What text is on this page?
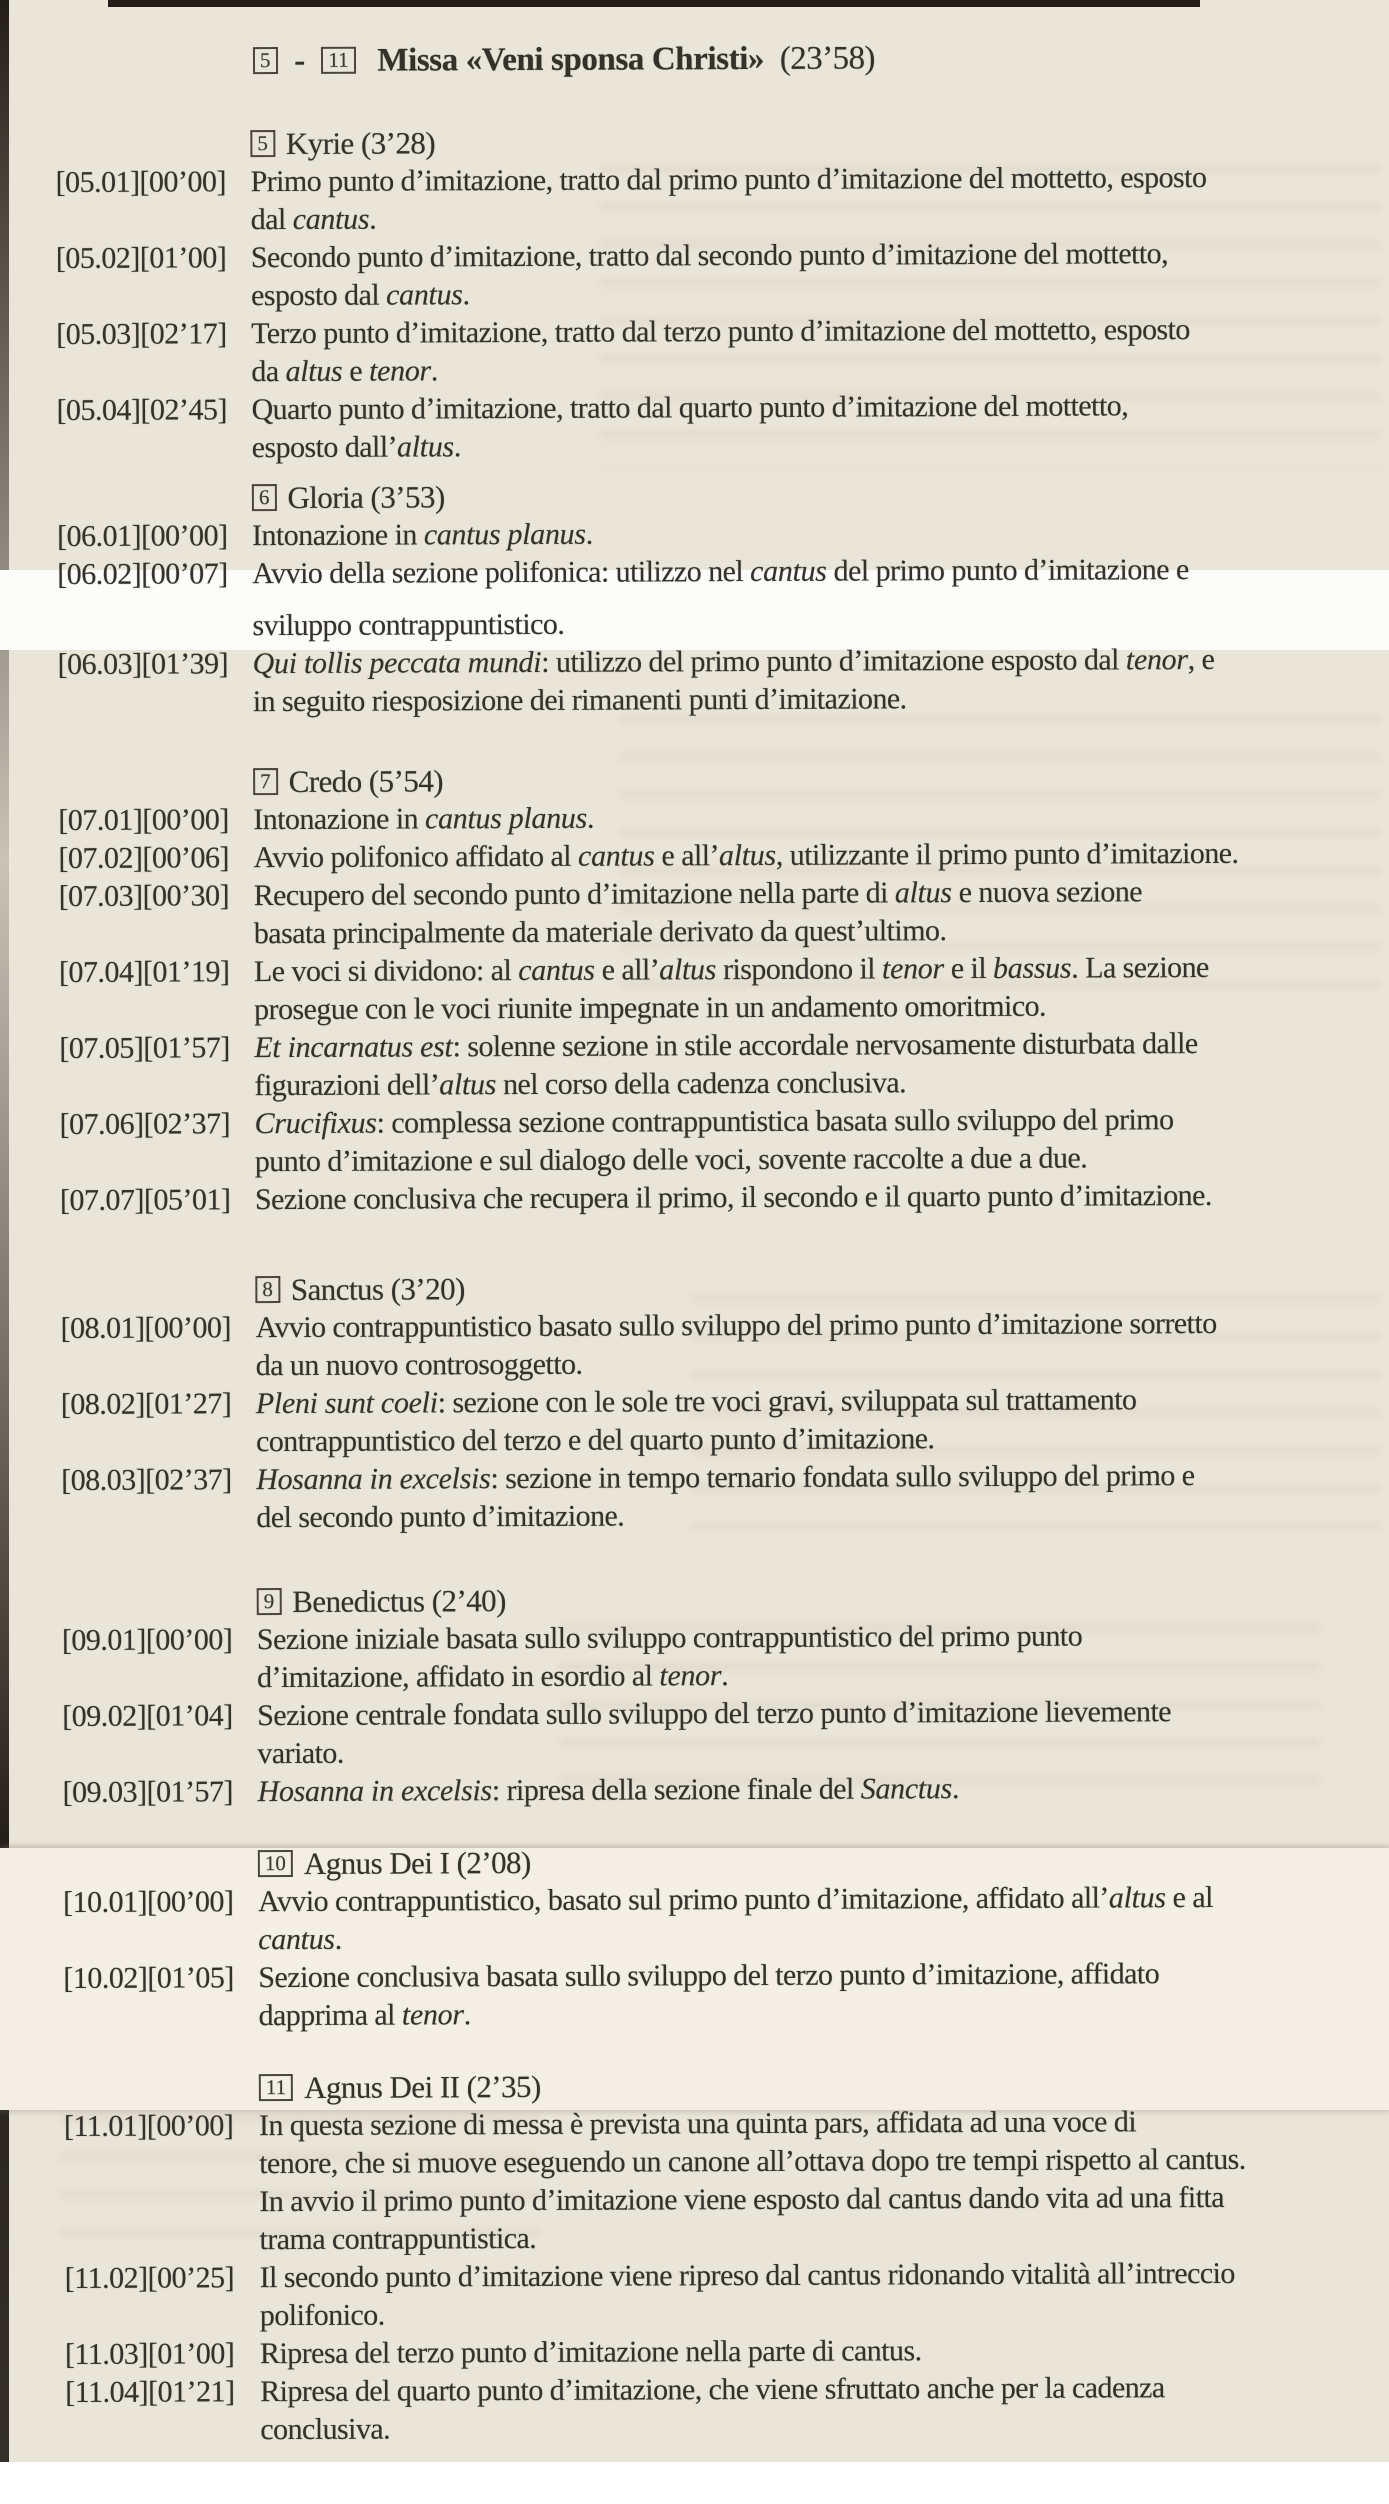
5 - 11 Missa «Veni sponsa Christi» (23’58)
5 Kyrie (3’28)
[05.01][00’00] Primo punto d’imitazione, tratto dal primo punto d’imitazione del mottetto, esposto
dal cantus.
[05.02][01’00] Secondo punto d’imitazione, tratto dal secondo punto d’imitazione del mottetto,
esposto dal cantus.
[05.03][02’17] Terzo punto d’imitazione, tratto dal terzo punto d’imitazione del mottetto, esposto
da altus e tenor.
[05.04][02’45] Quarto punto d’imitazione, tratto dal quarto punto d’imitazione del mottetto,
esposto dall’altus.
6 Gloria (3’53)
[06.01][00’00] Intonazione in cantus planus.
[06.02][00’07] Avvio della sezione polifonica: utilizzo nel cantus del primo punto d’imitazione e
sviluppo contrappuntistico.
[06.03][01’39] Qui tollis peccata mundi: utilizzo del primo punto d’imitazione esposto dal tenor, e
in seguito riesposizione dei rimanenti punti d’imitazione.
7 Credo (5’54)
[07.01][00’00] Intonazione in cantus planus.
[07.02][00’06] Avvio polifonico affidato al cantus e all’altus, utilizzante il primo punto d’imitazione.
[07.03][00’30] Recupero del secondo punto d’imitazione nella parte di altus e nuova sezione
basata principalmente da materiale derivato da quest’ultimo.
[07.04][01’19] Le voci si dividono: al cantus e all’altus rispondono il tenor e il bassus. La sezione
prosegue con le voci riunite impegnate in un andamento omoritmico.
[07.05][01’57] Et incarnatus est: solenne sezione in stile accordale nervosamente disturbata dalle
figurazioni dell’altus nel corso della cadenza conclusiva.
[07.06][02’37] Crucifixus: complessa sezione contrappuntistica basata sullo sviluppo del primo
punto d’imitazione e sul dialogo delle voci, sovente raccolte a due a due.
[07.07][05’01] Sezione conclusiva che recupera il primo, il secondo e il quarto punto d’imitazione.
8 Sanctus (3’20)
[08.01][00’00] Avvio contrappuntistico basato sullo sviluppo del primo punto d’imitazione sorretto
da un nuovo controsoggetto.
[08.02][01’27] Pleni sunt coeli: sezione con le sole tre voci gravi, sviluppata sul trattamento
contrappuntistico del terzo e del quarto punto d’imitazione.
[08.03][02’37] Hosanna in excelsis: sezione in tempo ternario fondata sullo sviluppo del primo e
del secondo punto d’imitazione.
9 Benedictus (2’40)
[09.01][00’00] Sezione iniziale basata sullo sviluppo contrappuntistico del primo punto
d’imitazione, affidato in esordio al tenor.
[09.02][01’04] Sezione centrale fondata sullo sviluppo del terzo punto d’imitazione lievemente
variato.
[09.03][01’57] Hosanna in excelsis: ripresa della sezione finale del Sanctus.
10 Agnus Dei I (2’08)
[10.01][00’00] Avvio contrappuntistico, basato sul primo punto d’imitazione, affidato all’altus e al
cantus.
[10.02][01’05] Sezione conclusiva basata sullo sviluppo del terzo punto d’imitazione, affidato
dapprima al tenor.
11 Agnus Dei II (2’35)
[11.01][00’00] In questa sezione di messa è prevista una quinta pars, affidata ad una voce di
tenore, che si muove eseguendo un canone all’ottava dopo tre tempi rispetto al cantus.
In avvio il primo punto d’imitazione viene esposto dal cantus dando vita ad una fitta
trama contrappuntistica.
[11.02][00’25] Il secondo punto d’imitazione viene ripreso dal cantus ridonando vitalità all’intreccio
polifonico.
[11.03][01’00] Ripresa del terzo punto d’imitazione nella parte di cantus.
[11.04][01’21] Ripresa del quarto punto d’imitazione, che viene sfruttato anche per la cadenza
conclusiva.
